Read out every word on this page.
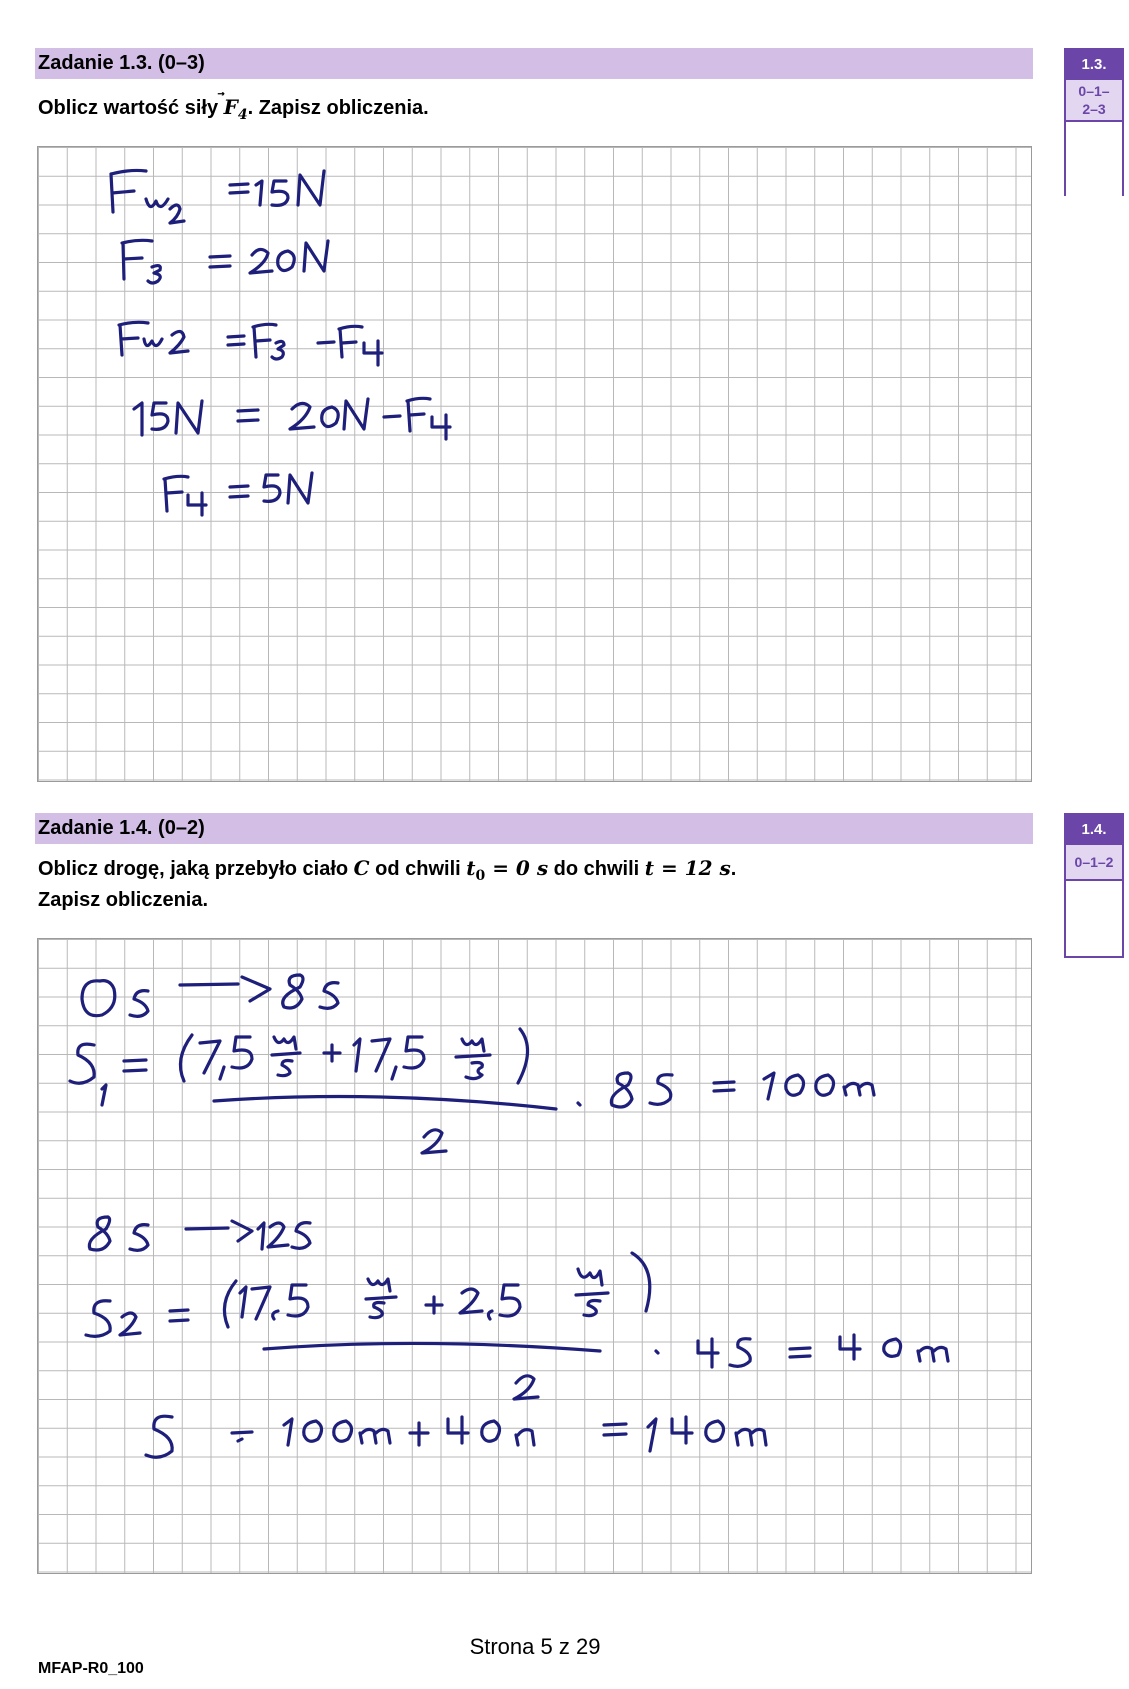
Zadanie 1.3. (0–3)
Oblicz wartość siły
$F_4$. Zapisz obliczenia.
1.3.
0–1–
2–3
Zadanie 1.4. (0–2)
Oblicz drogę, jaką przebyło ciało C od chwili $t_0 = 0$ s do chwili t = 12 s.
Zapisz obliczenia.
1.4.
0–1–2
Strona 5 z 29
MFAP-R0_100
